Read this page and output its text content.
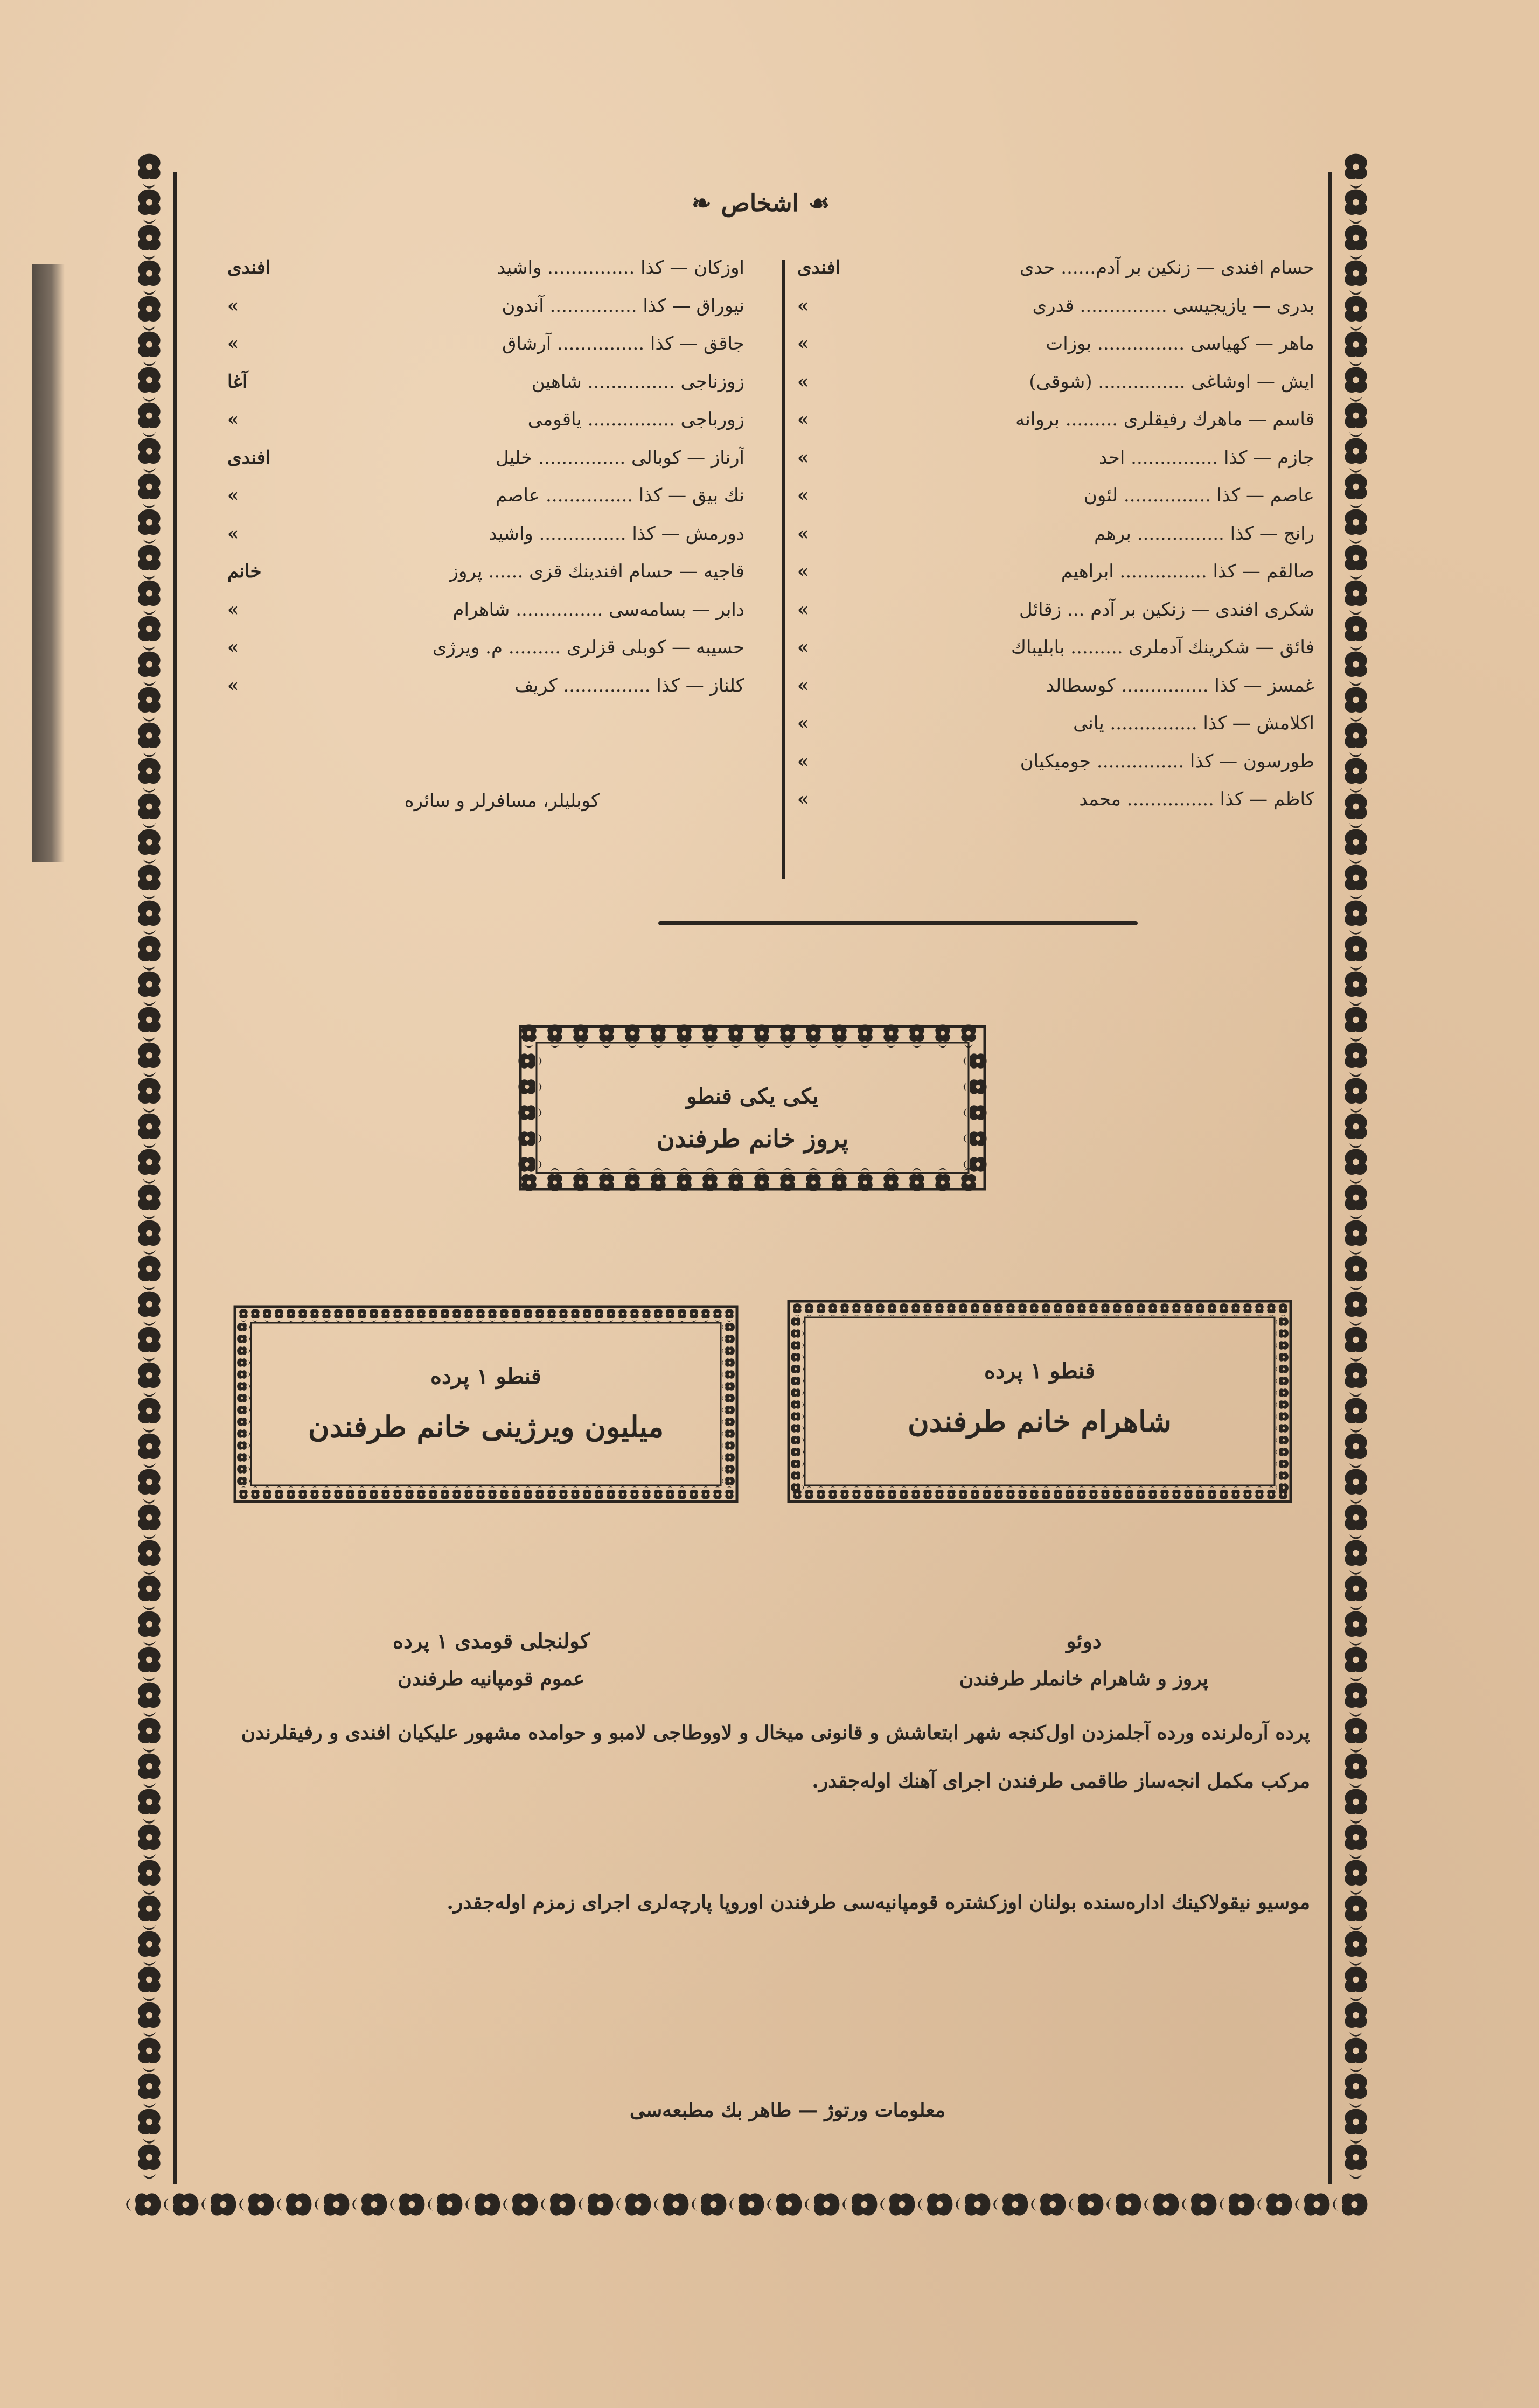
❧ اشخاص ☙
حسام افندی — زنکین بر آدم...... حدی
افندی
بدری — یازیجیسی ............... قدری
»
ماهر — کهیاسی ............... بوزات
»
ایش — اوشاغی ............... (شوقی)
»
قاسم — ماهرك رفیقلری ......... بروانه
»
جازم — کذا ............... احد
»
عاصم — کذا ............... لئون
»
رانج — کذا ............... برهم
»
صالقم — کذا ............... ابراهیم
»
شکری افندی — زنکین بر آدم ... زقائل
»
فائق — شکرینك آدملری ......... بابلیباك
»
غمسز — کذا ............... کوسطالد
»
اکلامش — کذا ............... یانی
»
طورسون — کذا ............... جومیکیان
»
کاظم — کذا ............... محمد
»
اوزکان — کذا ............... واشید
افندی
نیوراق — کذا ............... آندون
»
جاقق — کذا ............... آرشاق
»
زوزناجی ............... شاهین
آغا
زورباجی ............... یاقومی
»
آرناز — کوبالی ............... خلیل
افندی
نك بیق — کذا ............... عاصم
»
دورمش — کذا ............... واشید
»
قاجیه — حسام افندینك قزی ...... پروز
خانم
دابر — بسامه‌سی ............... شاهرام
»
حسیبه — کوبلی قزلری ......... م. ویرژی
»
کلناز — کذا ............... کریف
»
کوبلیلر، مسافرلر و سائره
یکی یکی قنطو
پروز خانم طرفندن
قنطو ۱ پرده
شاهرام خانم طرفندن
قنطو ۱ پرده
میلیون ویرژینی خانم طرفندن
دوئو
پروز و شاهرام خانملر طرفندن
کولنجلی قومدی ۱ پرده
عموم قومپانیه طرفندن
پرده آره‌لرنده ورده آجلمزدن اول‌کنجه شهر ابتعاشش و قانونی میخال و لاووطاجی لامبو و حوامده مشهور علیکیان افندی و رفیقلرندن مرکب مکمل انجه‌ساز طاقمی طرفندن اجرای آهنك اوله‌جقدر.
موسیو نیقولاکینك اداره‌سنده بولنان اوزکشتره قومپانیه‌سی طرفندن اوروپا پارچه‌لری اجرای زمزم اوله‌جقدر.
معلومات ورتوژ — طاهر بك مطبعه‌سی
